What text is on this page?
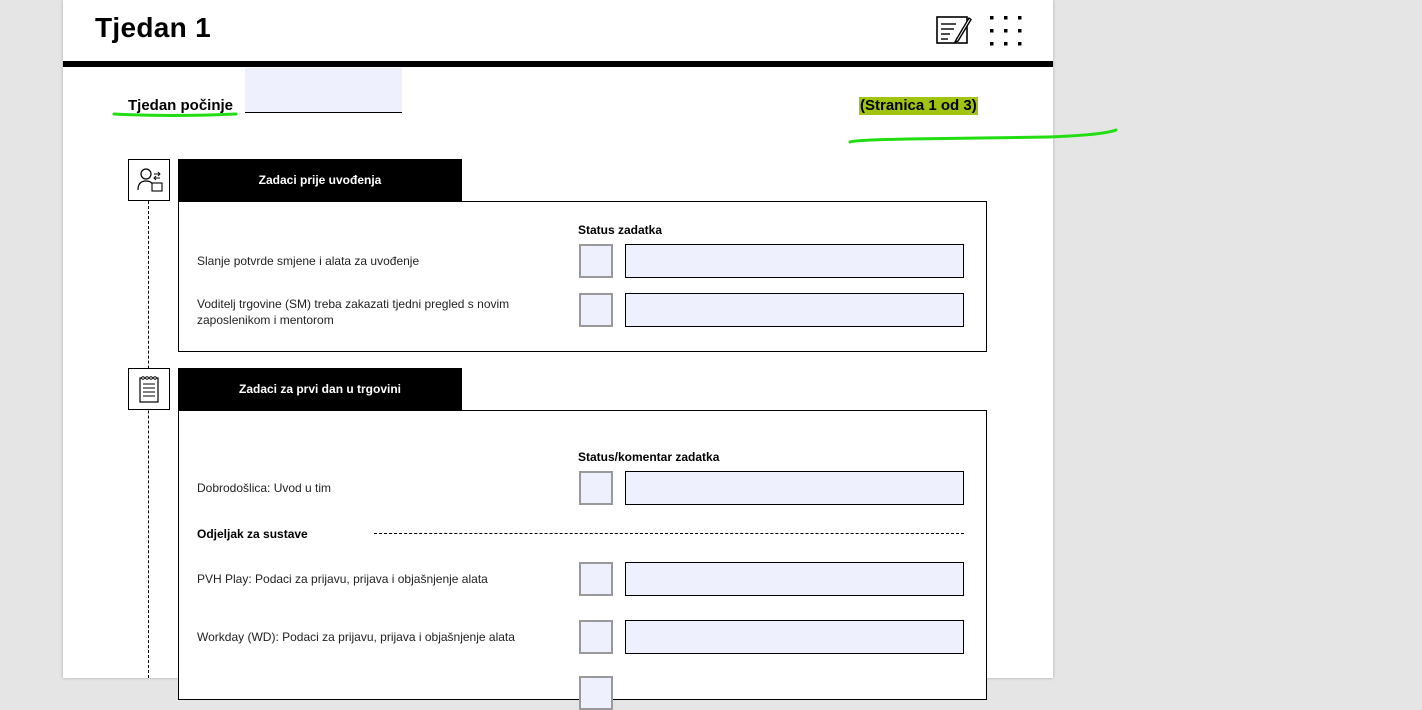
Tjedan 1
Tjedan počinje	(Stranica 1 od 3)
Zadaci prije uvođenja
Status zadatka
Slanje potvrde smjene i alata za uvođenje
Voditelj trgovine (SM) treba zakazati tjedni pregled s novim zaposlenikom i mentorom
Zadaci za prvi dan u trgovini
Status/komentar zadatka
Dobrodošlica: Uvod u tim
Odjeljak za sustave
PVH Play: Podaci za prijavu, prijava i objašnjenje alata
Workday (WD): Podaci za prijavu, prijava i objašnjenje alata
